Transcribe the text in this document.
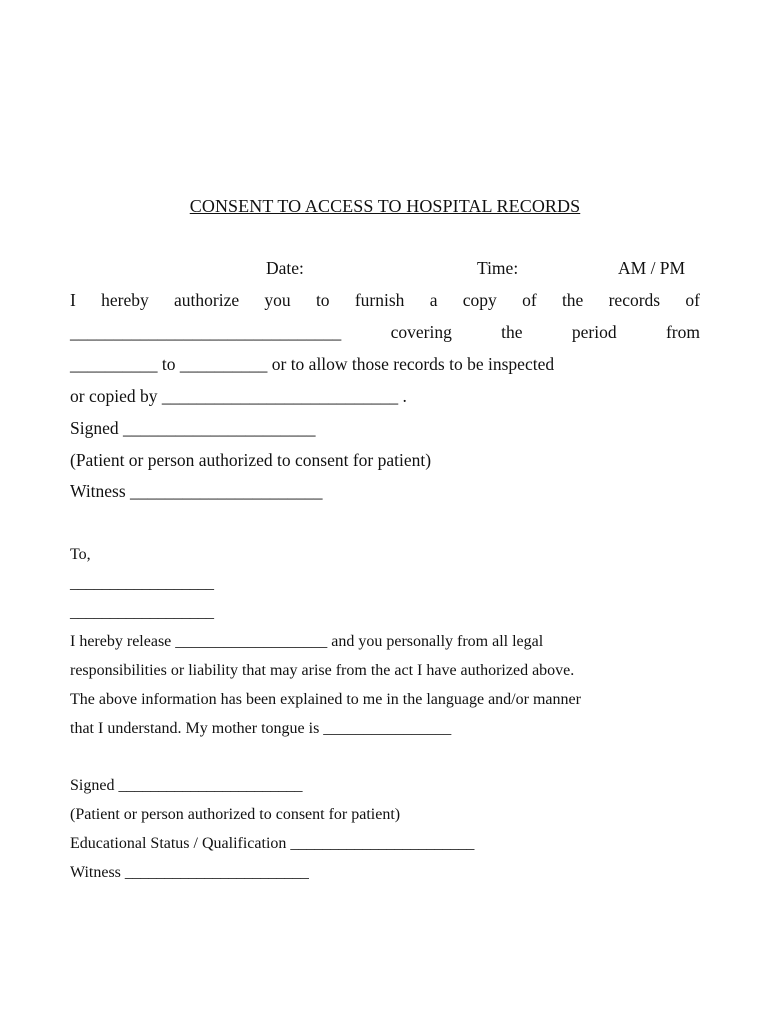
CONSENT TO ACCESS TO HOSPITAL RECORDS
Date:	Time:	AM / PM
I hereby authorize you to furnish a copy of the records of
_______________________________	covering	the	period	from
__________ to __________ or to allow those records to be inspected
or copied by ___________________________ .
Signed ______________________
(Patient or person authorized to consent for patient)
Witness ______________________
To,
__________________
__________________
I hereby release ___________________ and you personally from all legal
responsibilities or liability that may arise from the act I have authorized above.
The above information has been explained to me in the language and/or manner
that I understand. My mother tongue is ________________
Signed _______________________
(Patient or person authorized to consent for patient)
Educational Status / Qualification _______________________
Witness _______________________
